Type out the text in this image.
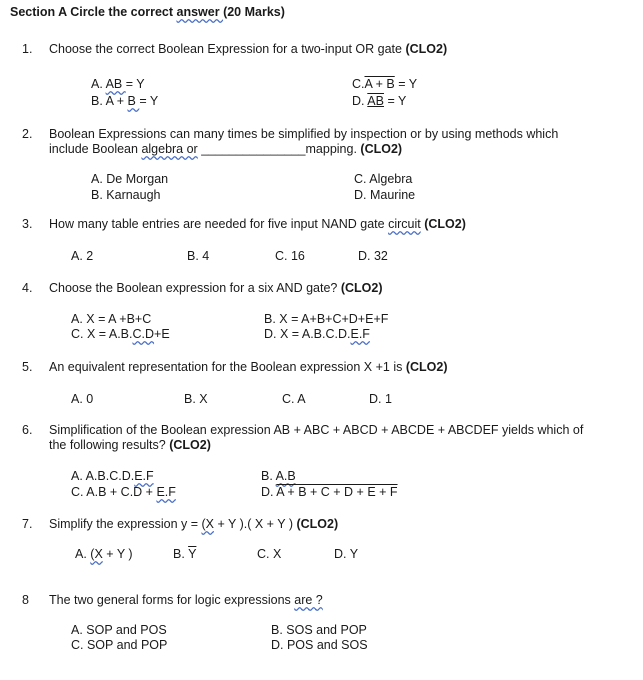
Section A Circle the correct answer (20 Marks)
1. Choose the correct Boolean Expression for a two-input OR gate (CLO2)
A. AB = Y
B. A + B = Y
C.A + B = Y
D. AB = Y
2. Boolean Expressions can many times be simplified by inspection or by using methods which
include Boolean algebra or _______________mapping. (CLO2)
A. De Morgan
B. Karnaugh
C. Algebra
D. Maurine
3. How many table entries are needed for five input NAND gate circuit (CLO2)
A. 2	B. 4	C. 16	D. 32
4. Choose the Boolean expression for a six AND gate? (CLO2)
A. X = A +B+C
C. X = A.B.C.D+E
B. X = A+B+C+D+E+F
D. X = A.B.C.D.E.F
5. An equivalent representation for the Boolean expression X +1 is (CLO2)
A. 0	B. X	C. A	D. 1
6. Simplification of the Boolean expression AB + ABC + ABCD + ABCDE + ABCDEF yields which of
the following results? (CLO2)
A. A.B.C.D.E.F
C. A.B + C.D + E.F
B. A.B
D. A + B + C + D + E + F
7. Simplify the expression y = (X + Y ).( X + Y ) (CLO2)
A. (X + Y )	B. $\overline{Y}$	C. X	D. Y
8 The two general forms for logic expressions are ?
A. SOP and POS
C. SOP and POP
B. SOS and POP
D. POS and SOS
